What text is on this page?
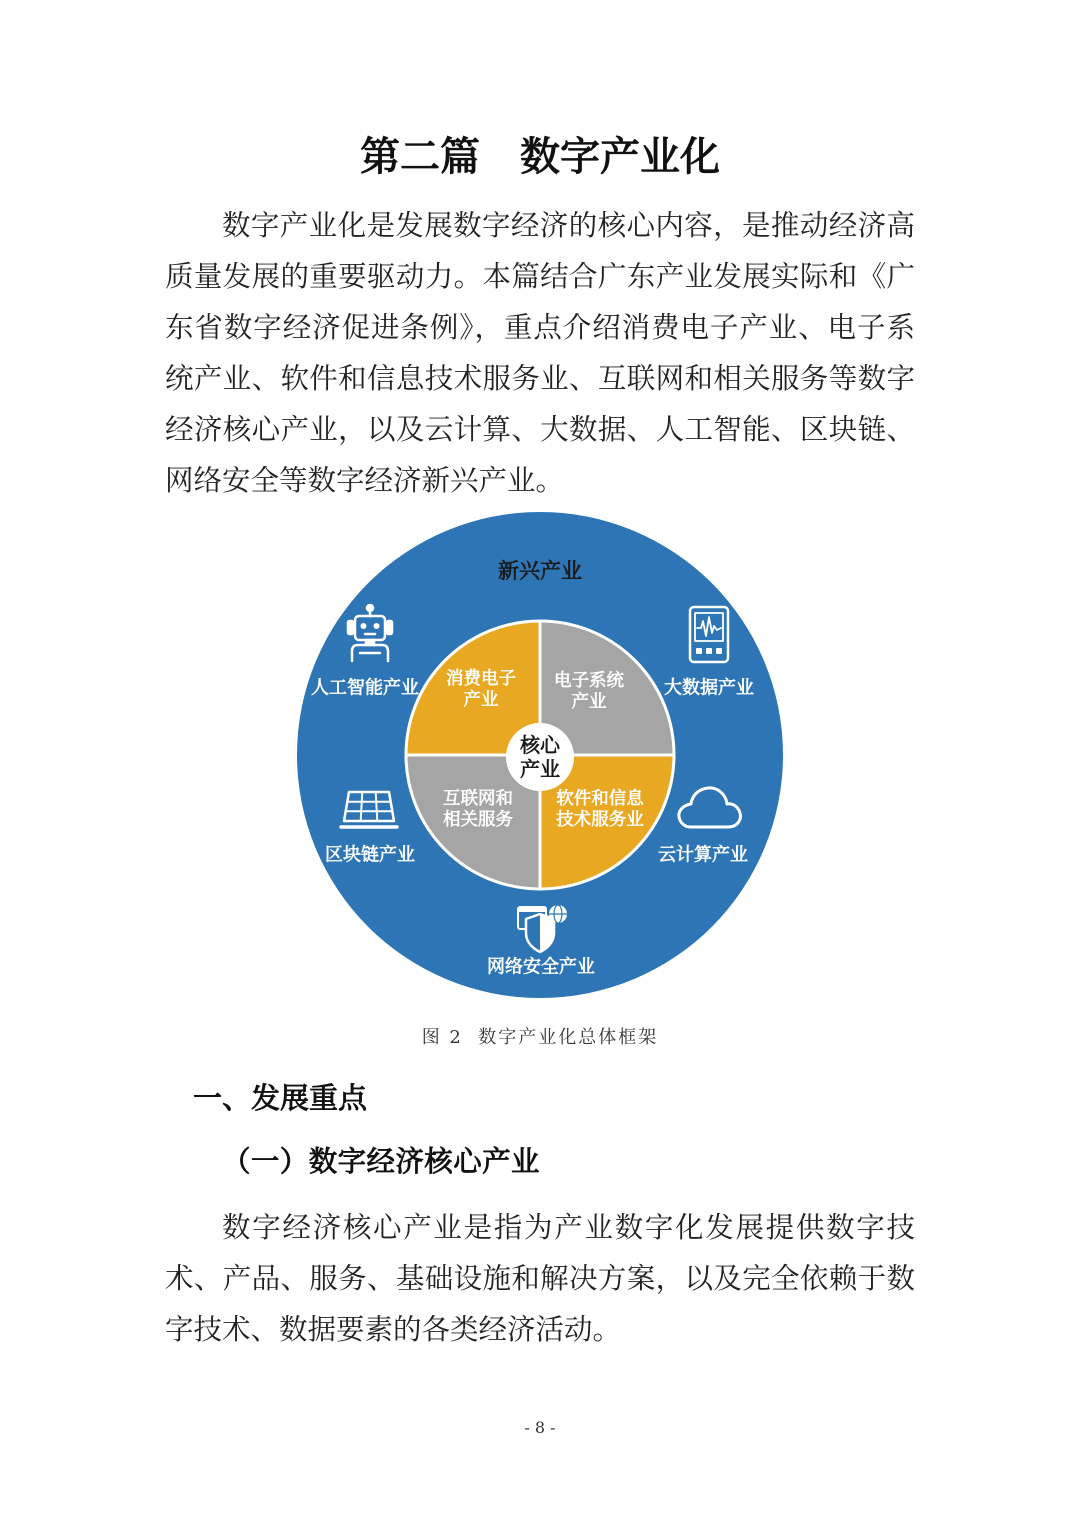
第二篇　数字产业化
数字产业化是发展数字经济的核心内容，是推动经济高
质量发展的重要驱动力。本篇结合广东产业发展实际和《广
东省数字经济促进条例》，重点介绍消费电子产业、电子系
统产业、软件和信息技术服务业、互联网和相关服务等数字
经济核心产业，以及云计算、大数据、人工智能、区块链、
网络安全等数字经济新兴产业。
新兴产业
核心
产业
消费电子
产业
电子系统
产业
软件和信息
技术服务业
互联网和
相关服务
人工智能产业	大数据产业
区块链产业	云计算产业
网络安全产业
图 2  数字产业化总体框架
一、发展重点
（一）数字经济核心产业
数字经济核心产业是指为产业数字化发展提供数字技
术、产品、服务、基础设施和解决方案，以及完全依赖于数
字技术、数据要素的各类经济活动。
- 8 -
